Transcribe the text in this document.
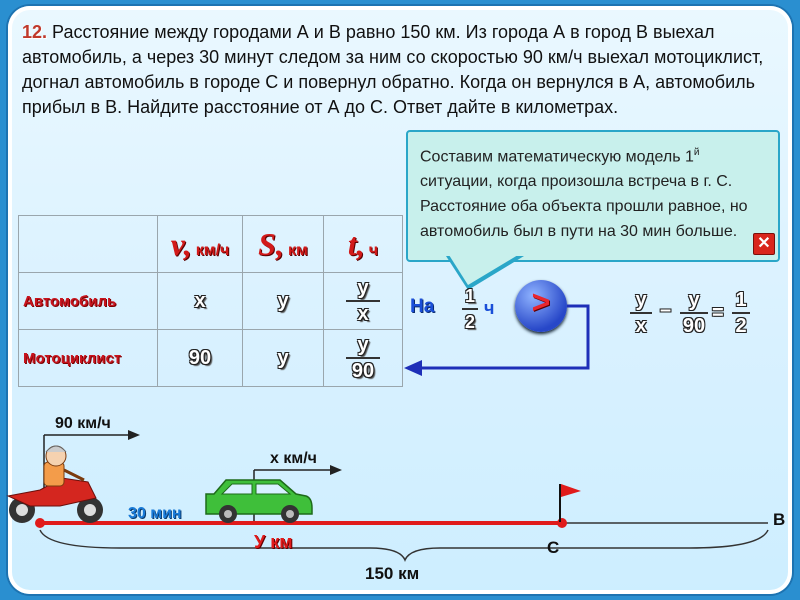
12. Расстояние между городами А и В равно 150 км. Из города А в город В выехал автомобиль, а через 30 минут следом за ним со скоростью 90 км/ч выехал мотоциклист, догнал автомобиль в городе С и повернул обратно. Когда он вернулся в А, автомобиль прибыл в В. Найдите расстояние от А до С. Ответ дайте в километрах.
Составим математическую модель $1^й$ ситуации, когда произошла встреча в г. С. Расстояние оба объекта прошли равное, но автомобиль был в пути на 30 мин больше.
✕
	v, км/ч	S, км	t, ч
Автомобиль	x	y	$\frac{y}{x}$

Мотоциклист	90	y	$\frac{y}{90}$
На $\frac{1}{2}$ ч	>	$\frac{y}{x} - \frac{y}{90} = \frac{1}{2}$
90 км/ч
x км/ч
30 мин
У км	С
В
150 км
